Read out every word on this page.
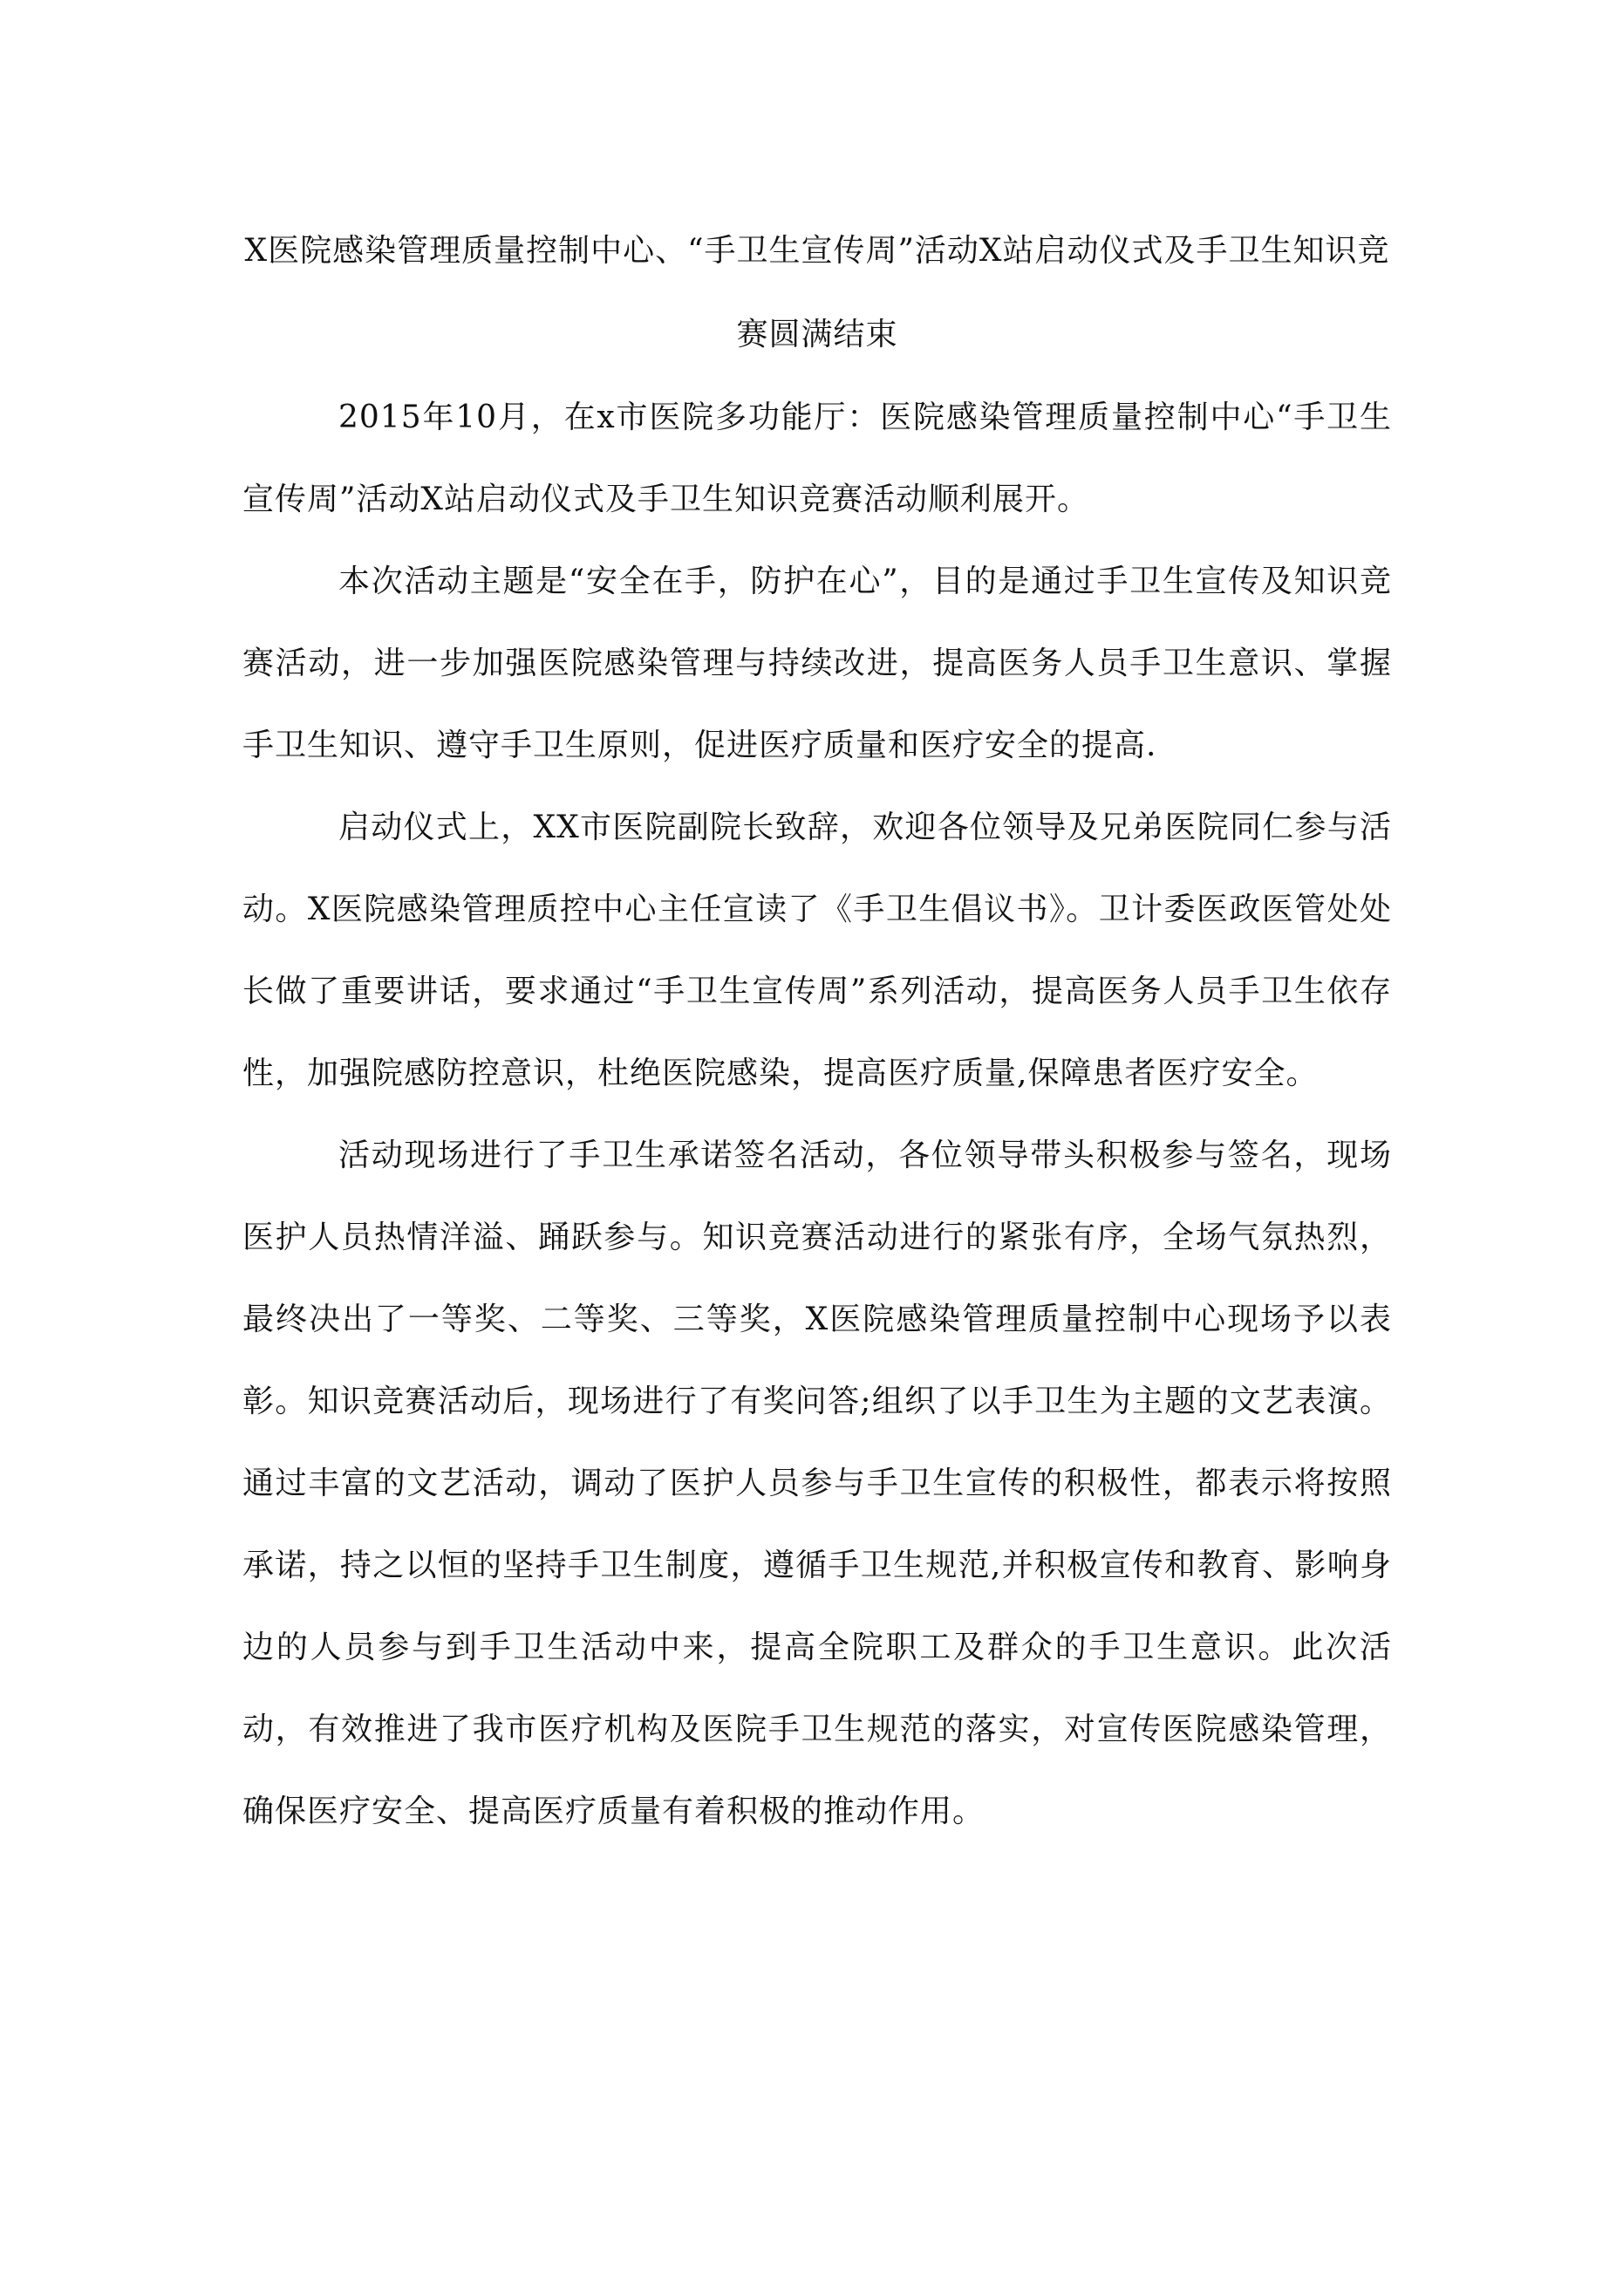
X医院感染管理质量控制中心、“手卫生宣传周”活动X站启动仪式及手卫生知识竞赛圆满结束

2015年10月，在x市医院多功能厅：医院感染管理质量控制中心“手卫生宣传周”活动X站启动仪式及手卫生知识竞赛活动顺利展开。

本次活动主题是“安全在手，防护在心”，目的是通过手卫生宣传及知识竞赛活动，进一步加强医院感染管理与持续改进，提高医务人员手卫生意识、掌握手卫生知识、遵守手卫生原则，促进医疗质量和医疗安全的提高.

启动仪式上，XX市医院副院长致辞，欢迎各位领导及兄弟医院同仁参与活动。X医院感染管理质控中心主任宣读了《手卫生倡议书》。卫计委医政医管处处长做了重要讲话，要求通过“手卫生宣传周”系列活动，提高医务人员手卫生依存性，加强院感防控意识，杜绝医院感染，提高医疗质量,保障患者医疗安全。

活动现场进行了手卫生承诺签名活动，各位领导带头积极参与签名，现场医护人员热情洋溢、踊跃参与。知识竞赛活动进行的紧张有序，全场气氛热烈，最终决出了一等奖、二等奖、三等奖，X医院感染管理质量控制中心现场予以表彰。知识竞赛活动后，现场进行了有奖问答;组织了以手卫生为主题的文艺表演。通过丰富的文艺活动，调动了医护人员参与手卫生宣传的积极性，都表示将按照承诺，持之以恒的坚持手卫生制度，遵循手卫生规范,并积极宣传和教育、影响身边的人员参与到手卫生活动中来，提高全院职工及群众的手卫生意识。此次活动，有效推进了我市医疗机构及医院手卫生规范的落实，对宣传医院感染管理，确保医疗安全、提高医疗质量有着积极的推动作用。
